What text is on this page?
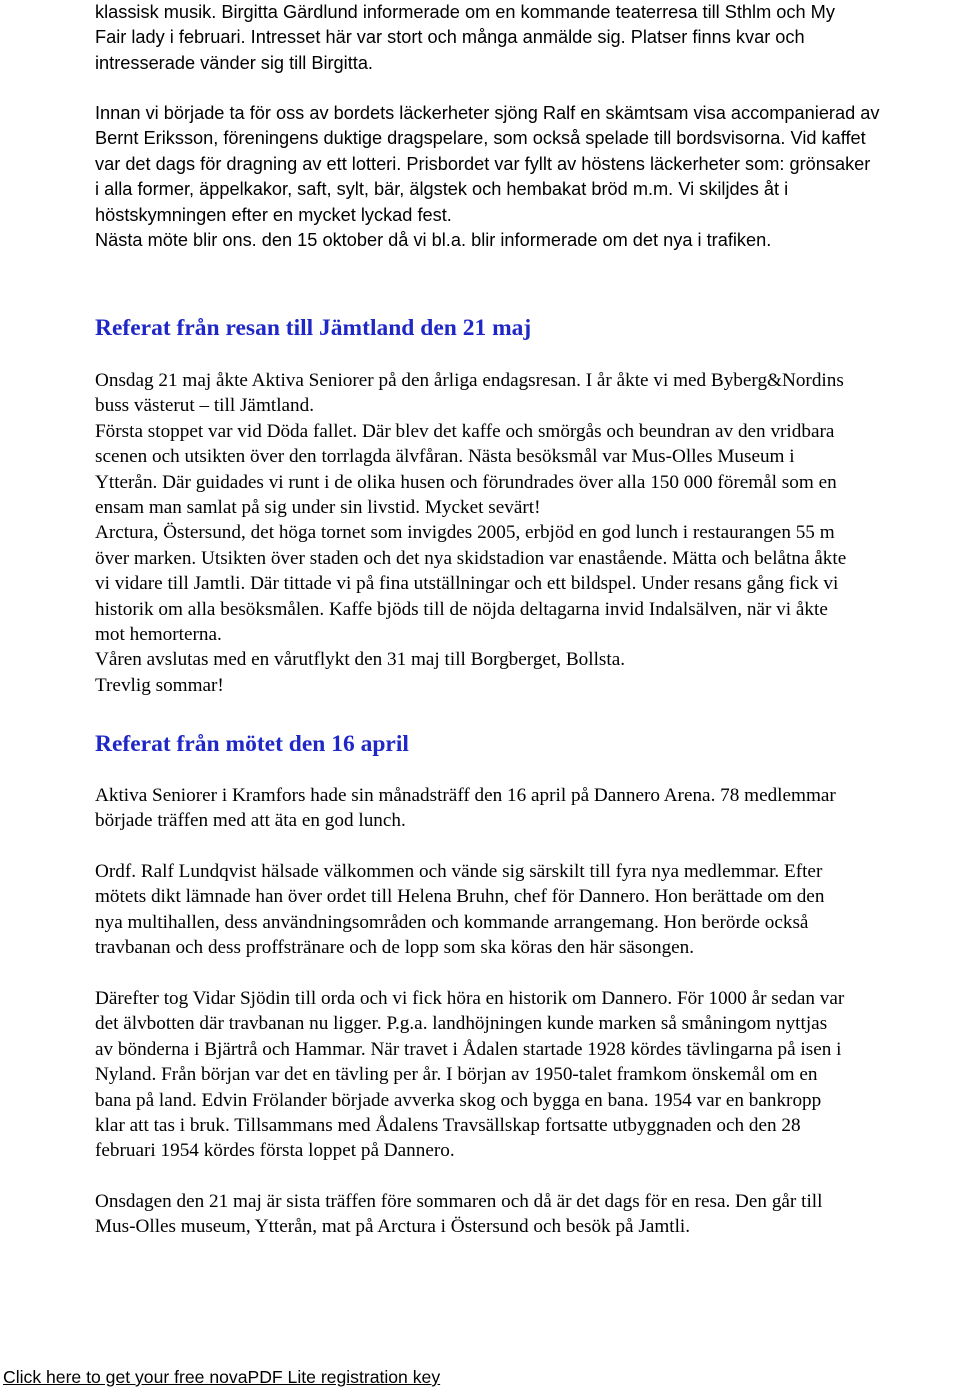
klassisk musik. Birgitta Gärdlund informerade om en kommande teaterresa till Sthlm och My
Fair lady i februari. Intresset här var stort och många anmälde sig. Platser finns kvar och
intresserade vänder sig till Birgitta.
Innan vi började ta för oss av bordets läckerheter sjöng Ralf en skämtsam visa accompanierad av
Bernt Eriksson, föreningens duktige dragspelare, som också spelade till bordsvisorna. Vid kaffet
var det dags för dragning av ett lotteri. Prisbordet var fyllt av höstens läckerheter som: grönsaker
i alla former, äppelkakor, saft, sylt, bär, älgstek och hembakat bröd m.m. Vi skiljdes åt i
höstskymningen efter en mycket lyckad fest.
Nästa möte blir ons. den 15 oktober då vi bl.a. blir informerade om det nya i trafiken.
Referat från resan till Jämtland den 21 maj
Onsdag 21 maj åkte Aktiva Seniorer på den årliga endagsresan. I år åkte vi med Byberg&Nordins
buss västerut – till Jämtland.
Första stoppet var vid Döda fallet. Där blev det kaffe och smörgås och beundran av den vridbara
scenen och utsikten över den torrlagda älvfåran. Nästa besöksmål var Mus-Olles Museum i
Ytterån. Där guidades vi runt i de olika husen och förundrades över alla 150 000 föremål som en
ensam man samlat på sig under sin livstid. Mycket sevärt!
Arctura, Östersund, det höga tornet som invigdes 2005, erbjöd en god lunch i restaurangen 55 m
över marken. Utsikten över staden och det nya skidstadion var enastående. Mätta och belåtna åkte
vi vidare till Jamtli. Där tittade vi på fina utställningar och ett bildspel. Under resans gång fick vi
historik om alla besöksmålen. Kaffe bjöds till de nöjda deltagarna invid Indalsälven, när vi åkte
mot hemorterna.
Våren avslutas med en vårutflykt den 31 maj till Borgberget, Bollsta.
Trevlig sommar!
Referat från mötet den 16 april
Aktiva Seniorer i Kramfors hade sin månadsträff den 16 april på Dannero Arena. 78 medlemmar
började träffen med att äta en god lunch.
Ordf. Ralf Lundqvist hälsade välkommen och vände sig särskilt till fyra nya medlemmar. Efter
mötets dikt lämnade han över ordet till Helena Bruhn, chef för Dannero. Hon berättade om den
nya multihallen, dess användningsområden och kommande arrangemang. Hon berörde också
travbanan och dess proffstränare och de lopp som ska köras den här säsongen.
Därefter tog Vidar Sjödin till orda och vi fick höra en historik om Dannero. För 1000 år sedan var
det älvbotten där travbanan nu ligger. P.g.a. landhöjningen kunde marken så småningom nyttjas
av bönderna i Bjärtrå och Hammar. När travet i Ådalen startade 1928 kördes tävlingarna på isen i
Nyland. Från början var det en tävling per år. I början av 1950-talet framkom önskemål om en
bana på land. Edvin Frölander började avverka skog och bygga en bana. 1954 var en bankropp
klar att tas i bruk. Tillsammans med Ådalens Travsällskap fortsatte utbyggnaden och den 28
februari 1954 kördes första loppet på Dannero.
Onsdagen den 21 maj är sista träffen före sommaren och då är det dags för en resa. Den går till
Mus-Olles museum, Ytterån, mat på Arctura i Östersund och besök på Jamtli.
Click here to get your free novaPDF Lite registration key
